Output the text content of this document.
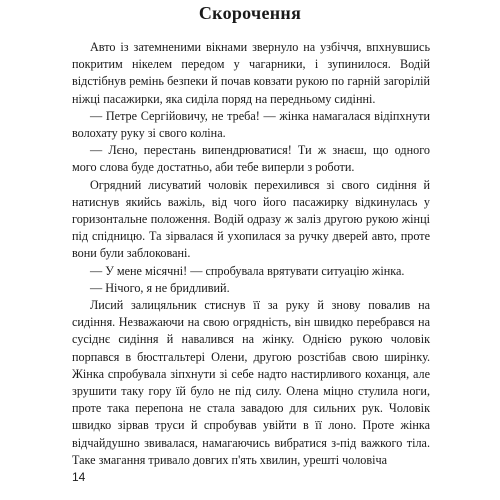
Скорочення

Авто із затемненими вікнами звернуло на узбіччя, впхнувшись покритим нікелем передом у чагарники, і зупинилося. Водій відстібнув ремінь безпеки й почав ковзати рукою по гарній загорілій ніжці пасажирки, яка сиділа поряд на передньому сидінні.

— Петре Сергійовичу, не треба! — жінка намагалася відіпхнути волохату руку зі свого коліна.

— Лєно, перестань випендрюватися! Ти ж знаєш, що одного мого слова буде достатньо, аби тебе виперли з роботи.

Огрядний лисуватий чоловік перехилився зі свого сидіння й натиснув якийсь важіль, від чого його пасажирку відкинулась у горизонтальне положення. Водій одразу ж заліз другою рукою жінці під спідницю. Та зірвалася й ухопилася за ручку дверей авто, проте вони були заблоковані.

— У мене місячні! — спробувала врятувати ситуацію жінка.

— Нічого, я не бридливий.

Лисий залицяльник стиснув її за руку й знову повалив на сидіння. Незважаючи на свою огрядність, він швидко перебрався на сусіднє сидіння й навалився на жінку. Однією рукою чоловік порпався в бюстгальтері Олени, другою розстібав свою ширінку. Жінка спробувала зіпхнути зі себе надто настирливого коханця, але зрушити таку гору їй було не під силу. Олена міцно стулила ноги, проте така перепона не стала завадою для сильних рук. Чоловік швидко зірвав труси й спробував увійти в її лоно. Проте жінка відчайдушно звивалася, намагаючись вибратися з-під важкого тіла. Таке змагання тривало довгих п'ять хвилин, урешті чоловіча

14
